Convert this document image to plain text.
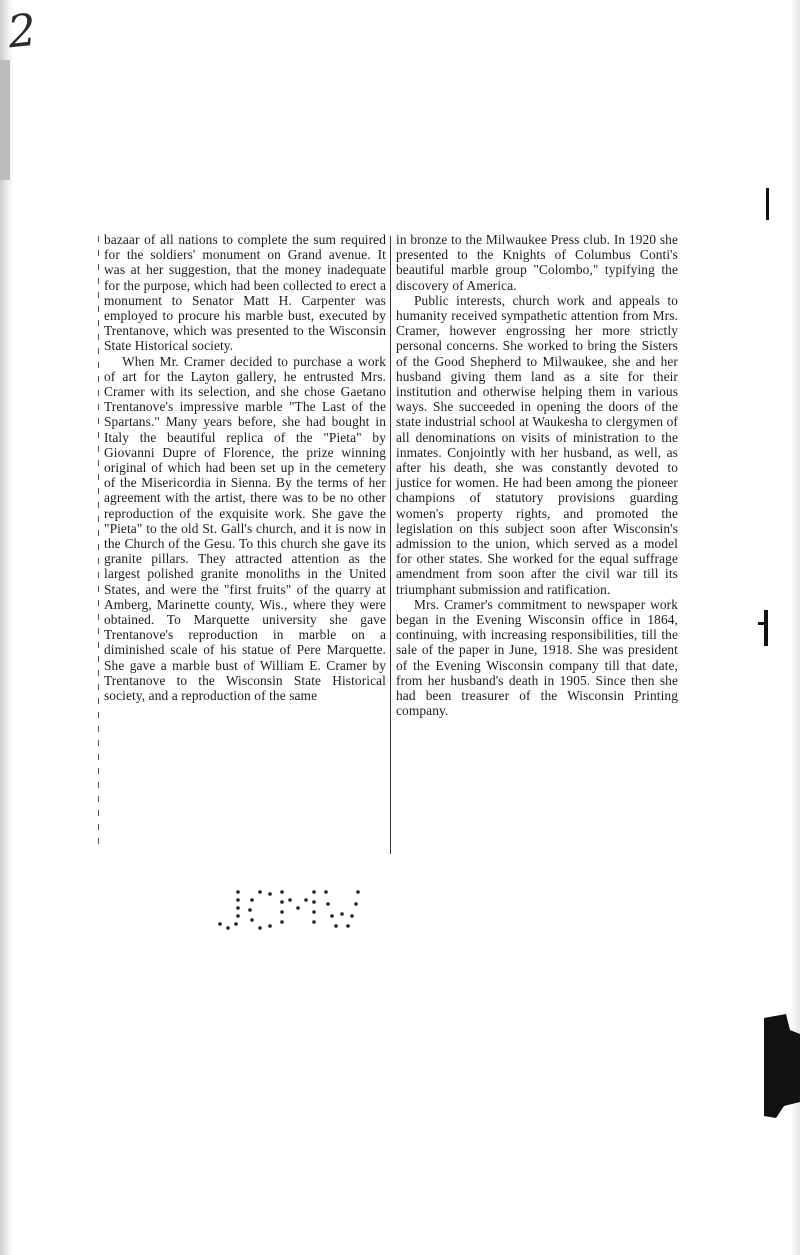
2

bazaar of all nations to complete the sum required for the soldiers' monument on Grand avenue. It was at her suggestion, that the money inadequate for the purpose, which had been collected to erect a monument to Senator Matt H. Carpenter was employed to procure his marble bust, executed by Trentanove, which was presented to the Wisconsin State Historical society.

When Mr. Cramer decided to purchase a work of art for the Layton gallery, he entrusted Mrs. Cramer with its selection, and she chose Gaetano Trentanove's impressive marble "The Last of the Spartans." Many years before, she had bought in Italy the beautiful replica of the "Pieta" by Giovanni Dupre of Florence, the prize winning original of which had been set up in the cemetery of the Misericordia in Sienna. By the terms of her agreement with the artist, there was to be no other reproduction of the exquisite work. She gave the "Pieta" to the old St. Gall's church, and it is now in the Church of the Gesu. To this church she gave its granite pillars. They attracted attention as the largest polished granite monoliths in the United States, and were the "first fruits" of the quarry at Amberg, Marinette county, Wis., where they were obtained. To Marquette university she gave Trentanove's reproduction in marble on a diminished scale of his statue of Pere Marquette. She gave a marble bust of William E. Cramer by Trentanove to the Wisconsin State Historical society, and a reproduction of the same

in bronze to the Milwaukee Press club. In 1920 she presented to the Knights of Columbus Conti's beautiful marble group "Colombo," typifying the discovery of America.

Public interests, church work and appeals to humanity received sympathetic attention from Mrs. Cramer, however engrossing her more strictly personal concerns. She worked to bring the Sisters of the Good Shepherd to Milwaukee, she and her husband giving them land as a site for their institution and otherwise helping them in various ways. She succeeded in opening the doors of the state industrial school at Waukesha to clergymen of all denominations on visits of ministration to the inmates. Conjointly with her husband, as well, as after his death, she was constantly devoted to justice for women. He had been among the pioneer champions of statutory provisions guarding women's property rights, and promoted the legislation on this subject soon after Wisconsin's admission to the union, which served as a model for other states. She worked for the equal suffrage amendment from soon after the civil war till its triumphant submission and ratification.

Mrs. Cramer's commitment to newspaper work began in the Evening Wisconsin office in 1864, continuing, with increasing responsibilities, till the sale of the paper in June, 1918. She was president of the Evening Wisconsin company till that date, from her husband's death in 1905. Since then she had been treasurer of the Wisconsin Printing company.
